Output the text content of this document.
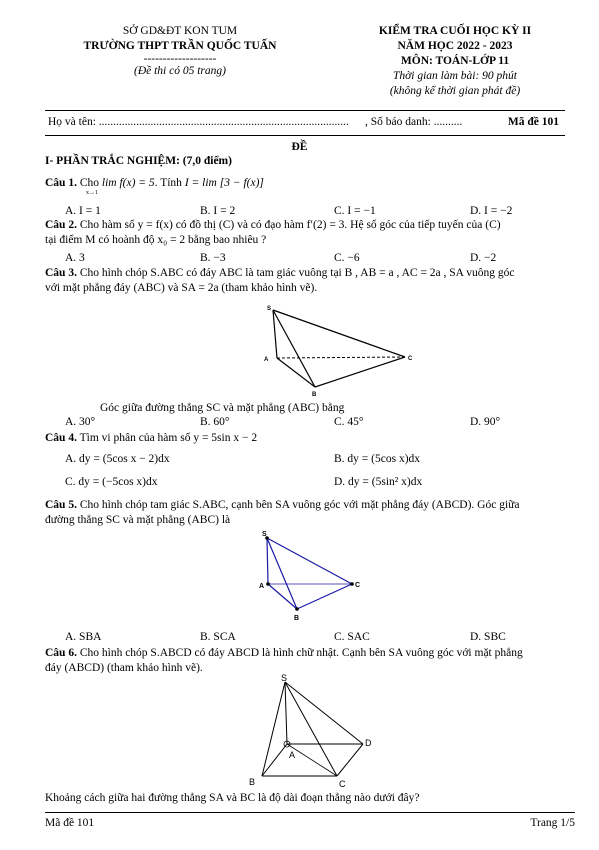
SỞ GD&ĐT KON TUM
TRƯỜNG THPT TRẦN QUỐC TUẤN
-------------------
(Đề thi có 05 trang)
KIỂM TRA CUỐI HỌC KỲ II
NĂM HỌC 2022 - 2023
MÔN: TOÁN-LỚP 11
Thời gian làm bài: 90 phút
(không kể thời gian phát đề)
Họ và tên: ....................................................................................... , Số báo danh: ..........	Mã đề 101
ĐỀ
I- PHẦN TRẮC NGHIỆM: (7,0 điểm)
Câu 1. Cho lim f(x) = 5. Tính I = lim [3 − f(x)]
x→1
A. I = 1	B. I = 2	C. I = −1	D. I = −2
Câu 2. Cho hàm số y = f(x) có đồ thị (C) và có đạo hàm f′(2) = 3. Hệ số góc của tiếp tuyến của (C)
tại điểm M có hoành độ x₀ = 2 bằng bao nhiêu ?
A. 3	B. −3	C. −6	D. −2
Câu 3. Cho hình chóp S.ABC có đáy ABC là tam giác vuông tại B , AB = a , AC = 2a , SA vuông góc
với mặt phẳng đáy (ABC) và SA = 2a (tham khảo hình vẽ).
S
A
B
C
Góc giữa đường thẳng SC và mặt phẳng (ABC) bằng
A. 30°	B. 60°	C. 45°	D. 90°
Câu 4. Tìm vi phân của hàm số y = 5sin x − 2
A. dy = (5cos x − 2)dx	B. dy = (5cos x)dx
C. dy = (−5cos x)dx	D. dy = (5sin² x)dx
Câu 5. Cho hình chóp tam giác S.ABC, cạnh bên SA vuông góc với mặt phẳng đáy (ABCD). Góc giữa
đường thẳng SC và mặt phẳng (ABC) là
S
A
B
C
A. SBA	B. SCA	C. SAC	D. SBC
Câu 6. Cho hình chóp S.ABCD có đáy ABCD là hình chữ nhật. Cạnh bên SA vuông góc với mặt phẳng
đáy (ABCD) (tham khảo hình vẽ).
S
A
B	C
D
Khoảng cách giữa hai đường thẳng SA và BC là độ dài đoạn thẳng nào dưới đây?
Mã đề 101	Trang 1/5
